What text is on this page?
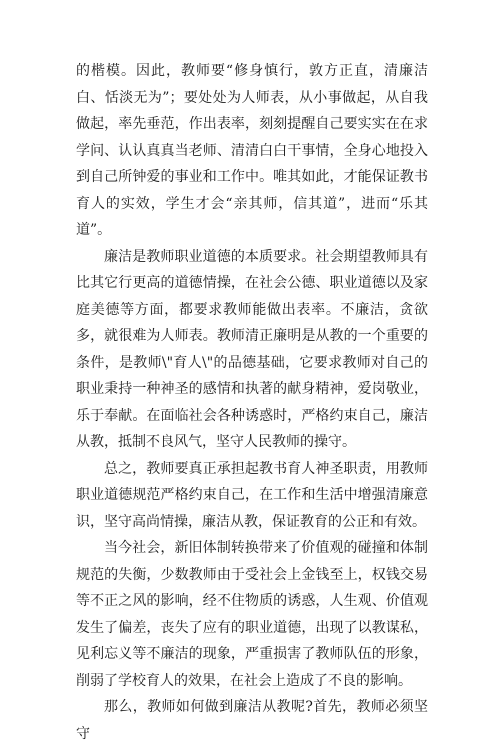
的楷模。因此，教师要“修身慎行，敦方正直，清廉洁白、恬淡无为”；要处处为人师表，从小事做起，从自我做起，率先垂范，作出表率，刻刻提醒自己要实实在在求学问、认认真真当老师、清清白白干事情，全身心地投入到自己所钟爱的事业和工作中。唯其如此，才能保证教书育人的实效，学生才会“亲其师，信其道”，进而“乐其道”。

廉洁是教师职业道德的本质要求。社会期望教师具有比其它行更高的道德情操，在社会公德、职业道德以及家庭美德等方面，都要求教师能做出表率。不廉洁，贪欲多，就很难为人师表。教师清正廉明是从教的一个重要的条件，是教师\"育人\"的品德基础，它要求教师对自己的职业秉持一种神圣的感情和执著的献身精神，爱岗敬业，乐于奉献。在面临社会各种诱惑时，严格约束自己，廉洁从教，抵制不良风气，坚守人民教师的操守。

总之，教师要真正承担起教书育人神圣职责，用教师职业道德规范严格约束自己，在工作和生活中增强清廉意识，坚守高尚情操，廉洁从教，保证教育的公正和有效。

当今社会，新旧体制转换带来了价值观的碰撞和体制规范的失衡，少数教师由于受社会上金钱至上，权钱交易等不正之风的影响，经不住物质的诱惑，人生观、价值观发生了偏差，丧失了应有的职业道德，出现了以教谋私，见利忘义等不廉洁的现象，严重损害了教师队伍的形象，削弱了学校育人的效果，在社会上造成了不良的影响。

那么，教师如何做到廉洁从教呢?首先，教师必须坚守
